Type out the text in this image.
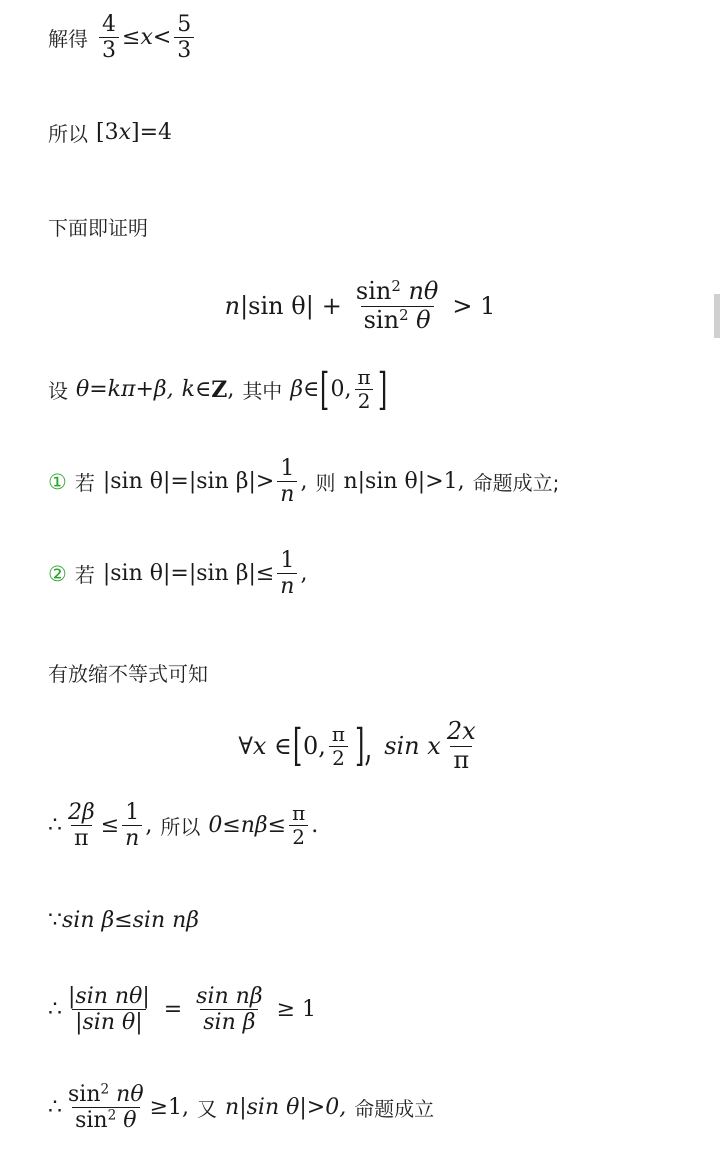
解得 $\frac{4}{3} \le x < \frac{5}{3}$
所以 [3 x ]=4
下面即证明
n |sin $\theta| + \frac{\sin^2 n\theta}{\sin^2 \theta} > 1$
设 θ=kπ+β, k∈ Z , 其中 β∈ [ 0, $\frac{\pi}{2}$ ]
① 若 |sin θ|=|sin $\beta|> \frac{1}{n}$ , 则 n|sin θ|>1, 命题成立;
② 若 |sin θ|=|sin $\beta|\le \frac{1}{n}$ ,
有放缩不等式可知
∀x ∈ [ 0, $\frac{\pi}{2}$ ], sin x $\frac{2x}{\pi}$
∴ $\frac{2\beta}{\pi} \le \frac{1}{n}$ , 所以 $0\le n\beta\le \frac{\pi}{2}$ .
∵ sin β≤sin nβ
∴ $\frac{\text{|sin nθ|}}{\text{|sin θ|}} = \frac{\text{sin nβ}}{\text{sin β}} \ge 1$
∴ $\frac{\sin^2 n\theta}{\sin^2 \theta} \ge 1$, 又 n|sin θ|>0, 命题成立
